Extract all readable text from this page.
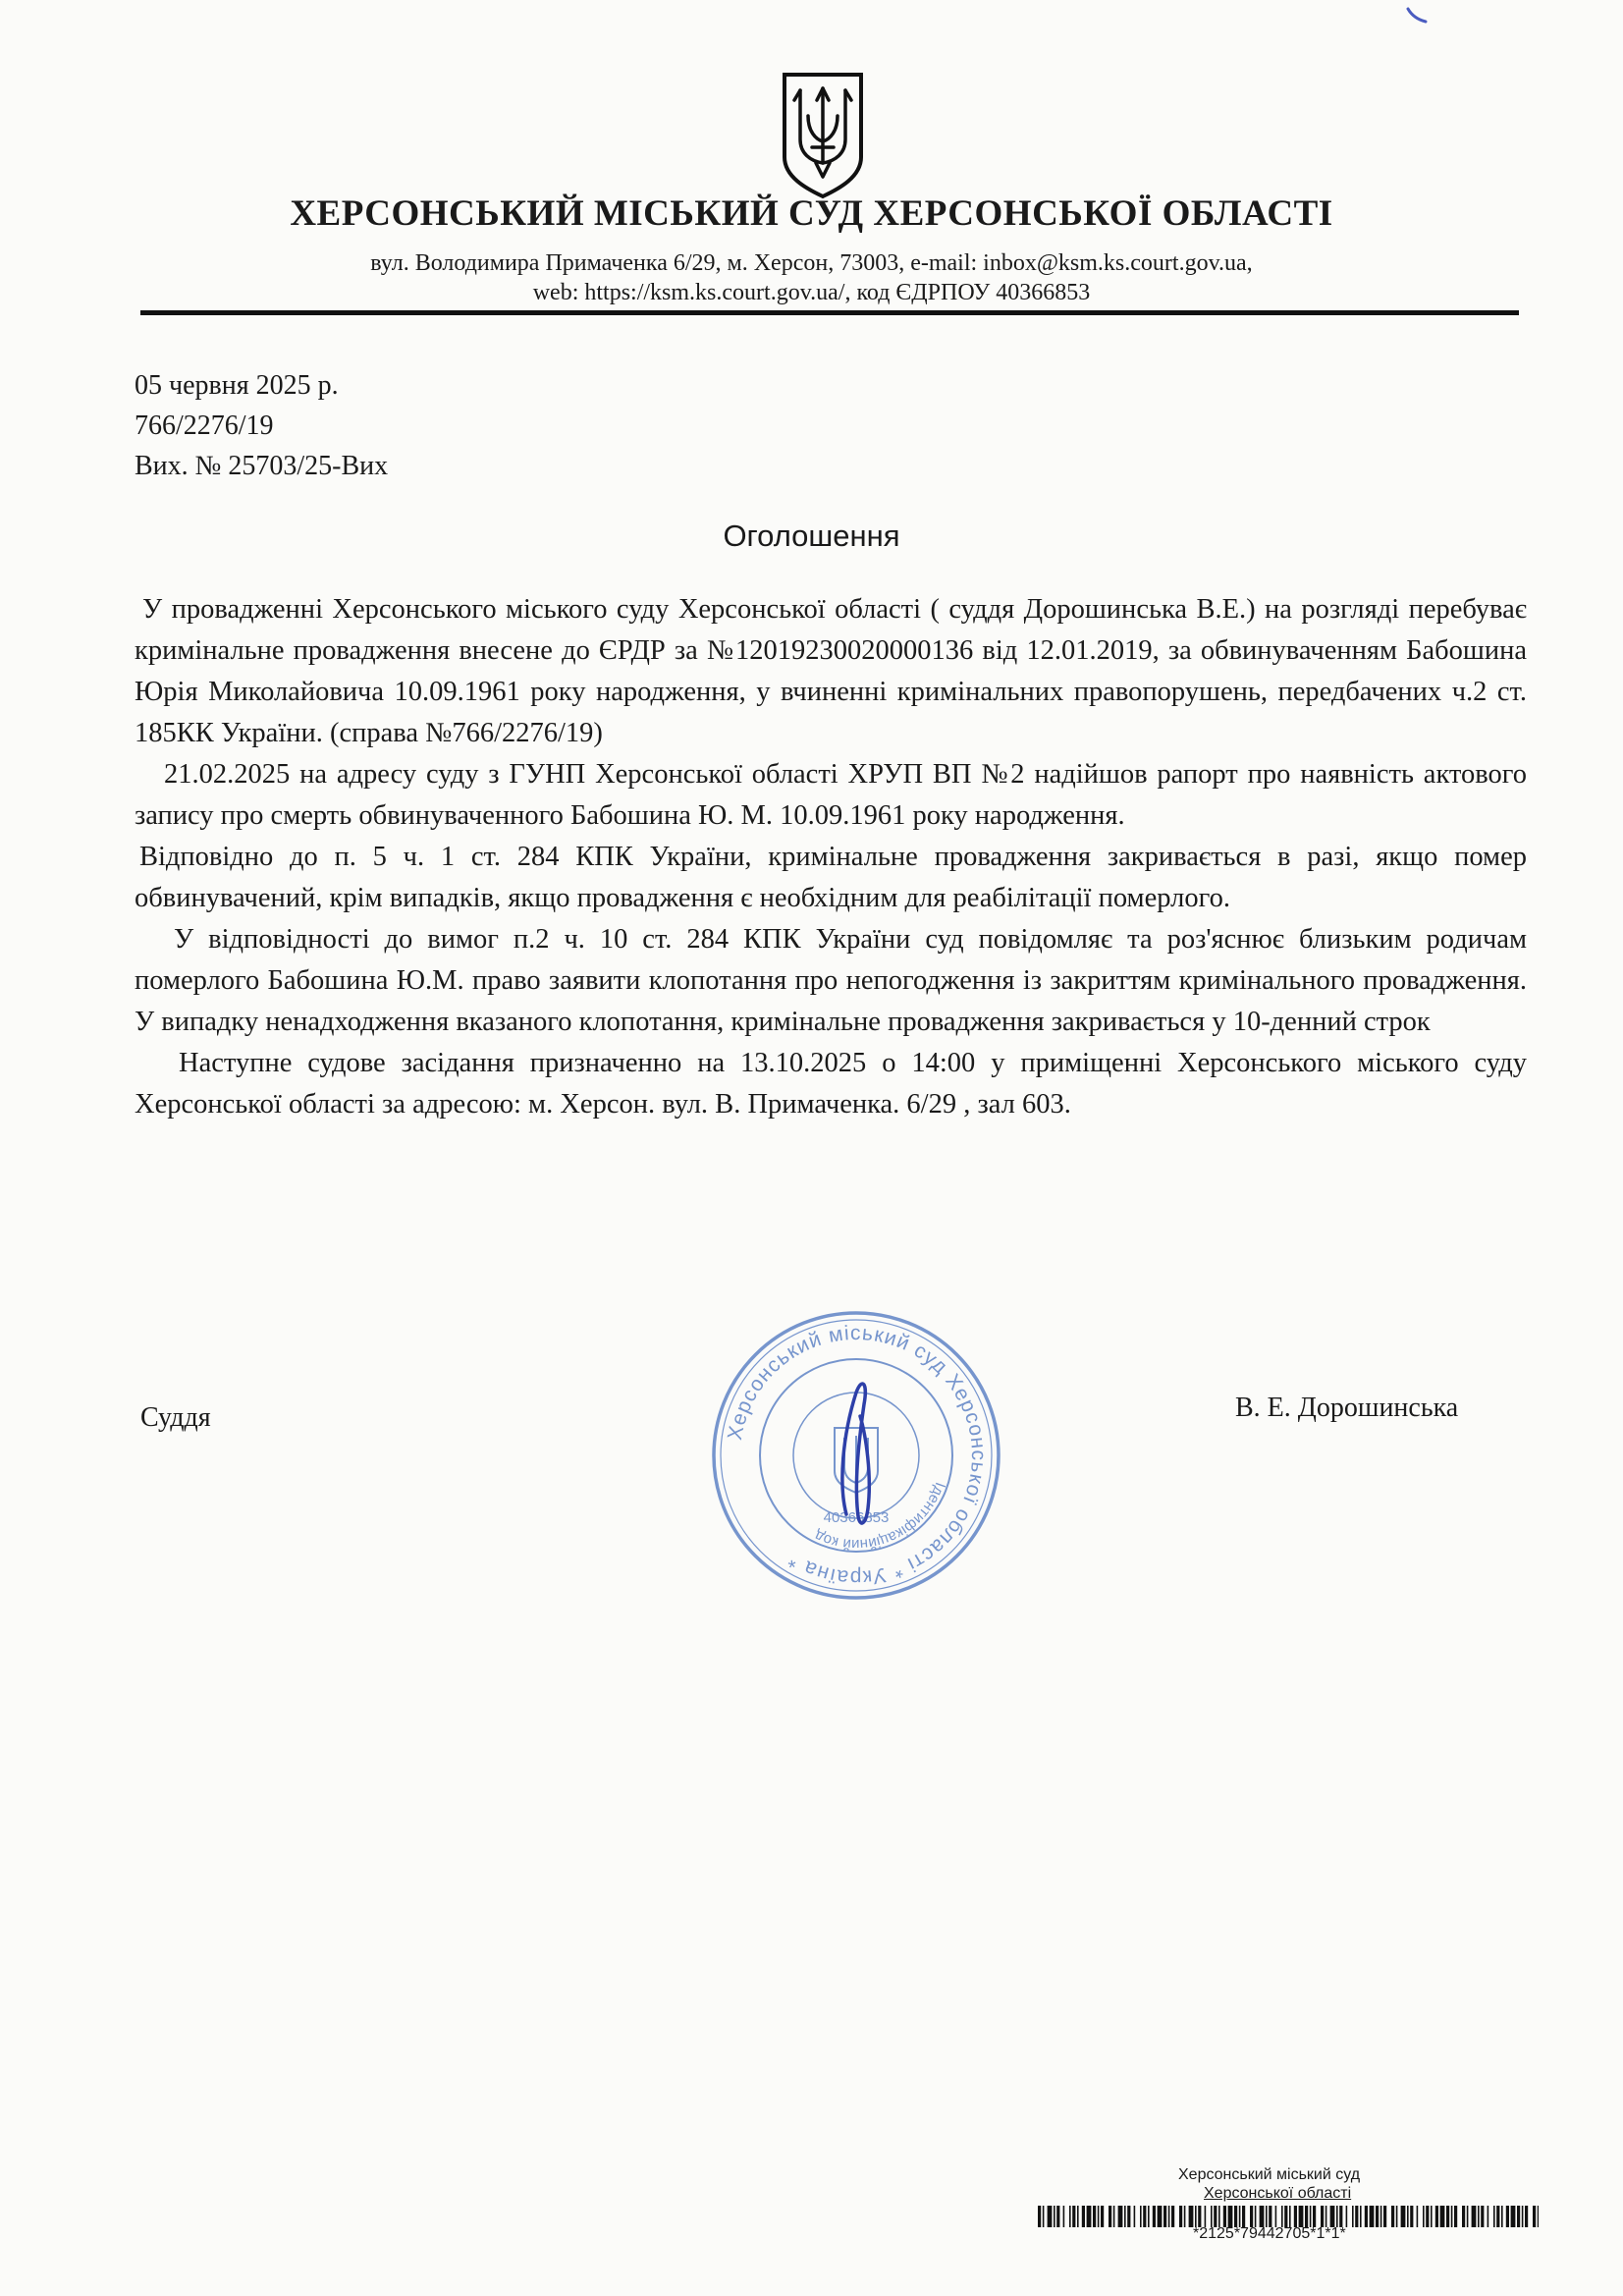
ХЕРСОНСЬКИЙ МІСЬКИЙ СУД ХЕРСОНСЬКОЇ ОБЛАСТІ
вул. Володимира Примаченка 6/29, м. Херсон, 73003, e-mail: inbox@ksm.ks.court.gov.ua,
web: https://ksm.ks.court.gov.ua/, код ЄДРПОУ 40366853
05 червня 2025 р.
766/2276/19
Вих. № 25703/25-Вих
Оголошення

У провадженні Херсонського міського суду Херсонської області ( суддя Дорошинська В.Е.) на розгляді перебуває кримінальне провадження внесене до ЄРДР за №12019230020000136 від 12.01.2019, за обвинуваченням Бабошина Юрія Миколайовича 10.09.1961 року народження, у вчиненні кримінальних правопорушень, передбачених ч.2 ст. 185КК України. (справа №766/2276/19)

21.02.2025 на адресу суду з ГУНП Херсонської області ХРУП ВП №2 надійшов рапорт про наявність актового запису про смерть обвинуваченного Бабошина Ю. М. 10.09.1961 року народження.

Відповідно до п. 5 ч. 1 ст. 284 КПК України, кримінальне провадження закривається в разі, якщо помер обвинувачений, крім випадків, якщо провадження є необхідним для реабілітації померлого.

У відповідності до вимог п.2 ч. 10 ст. 284 КПК України суд повідомляє та роз'яснює близьким родичам померлого Бабошина Ю.М. право заявити клопотання про непогодження із закриттям кримінального провадження. У випадку ненадходження вказаного клопотання, кримінальне провадження закривається у 10-денний строк

Наступне судове засідання призначенно на 13.10.2025 о 14:00 у приміщенні Херсонського міського суду Херсонської області за адресою: м. Херсон. вул. В. Примаченка. 6/29 , зал 603.

Суддя	Херсонський міський суд Херсонської області * Україна *
Ідентифікаційний код
40366853
В. Е. Дорошинська
Херсонський міський суд
Херсонської області
*2125*79442705*1*1*
